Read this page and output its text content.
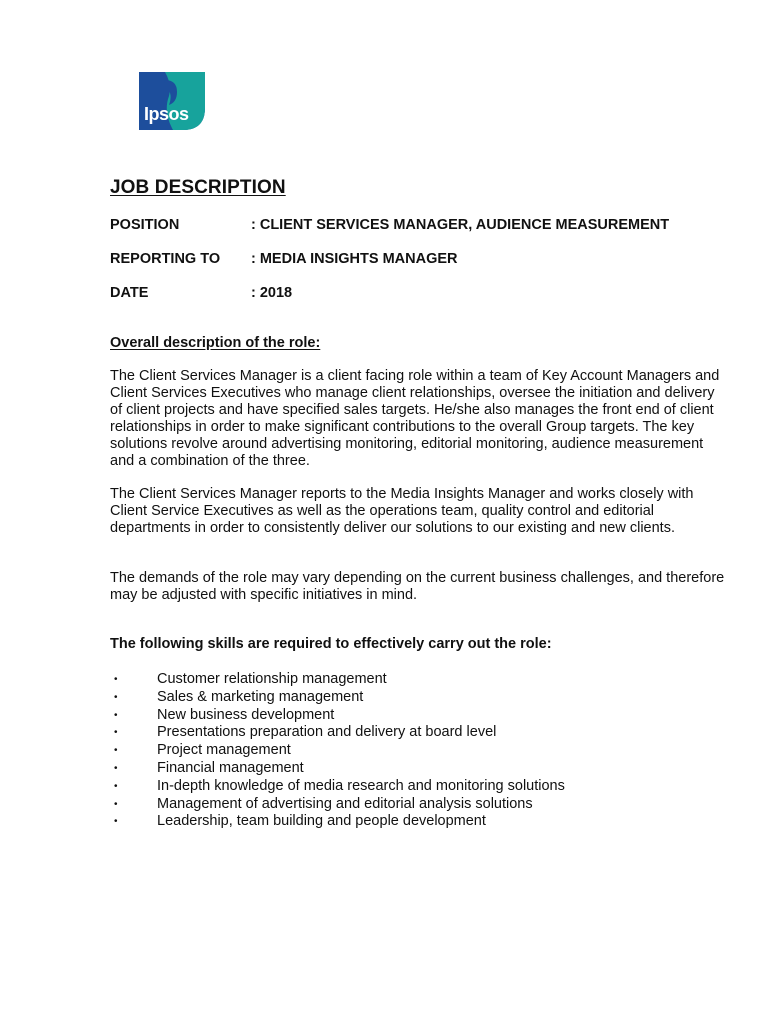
Ipsos
JOB DESCRIPTION
POSITION	: CLIENT SERVICES MANAGER, AUDIENCE MEASUREMENT
REPORTING TO	: MEDIA INSIGHTS MANAGER
DATE	: 2018
Overall description of the role:

The Client Services Manager is a client facing role within a team of Key Account Managers and Client Services Executives who manage client relationships, oversee the initiation and delivery of client projects and have specified sales targets. He/she also manages the front end of client relationships in order to make significant contributions to the overall Group targets. The key solutions revolve around advertising monitoring, editorial monitoring, audience measurement and a combination of the three.

The Client Services Manager reports to the Media Insights Manager and works closely with Client Service Executives as well as the operations team, quality control and editorial departments in order to consistently deliver our solutions to our existing and new clients.

The demands of the role may vary depending on the current business challenges, and therefore may be adjusted with specific initiatives in mind.

The following skills are required to effectively carry out the role:
•	Customer relationship management
•	Sales & marketing management
•	New business development
•	Presentations preparation and delivery at board level
•	Project management
•	Financial management
•	In-depth knowledge of media research and monitoring solutions
•	Management of advertising and editorial analysis solutions
•	Leadership, team building and people development
